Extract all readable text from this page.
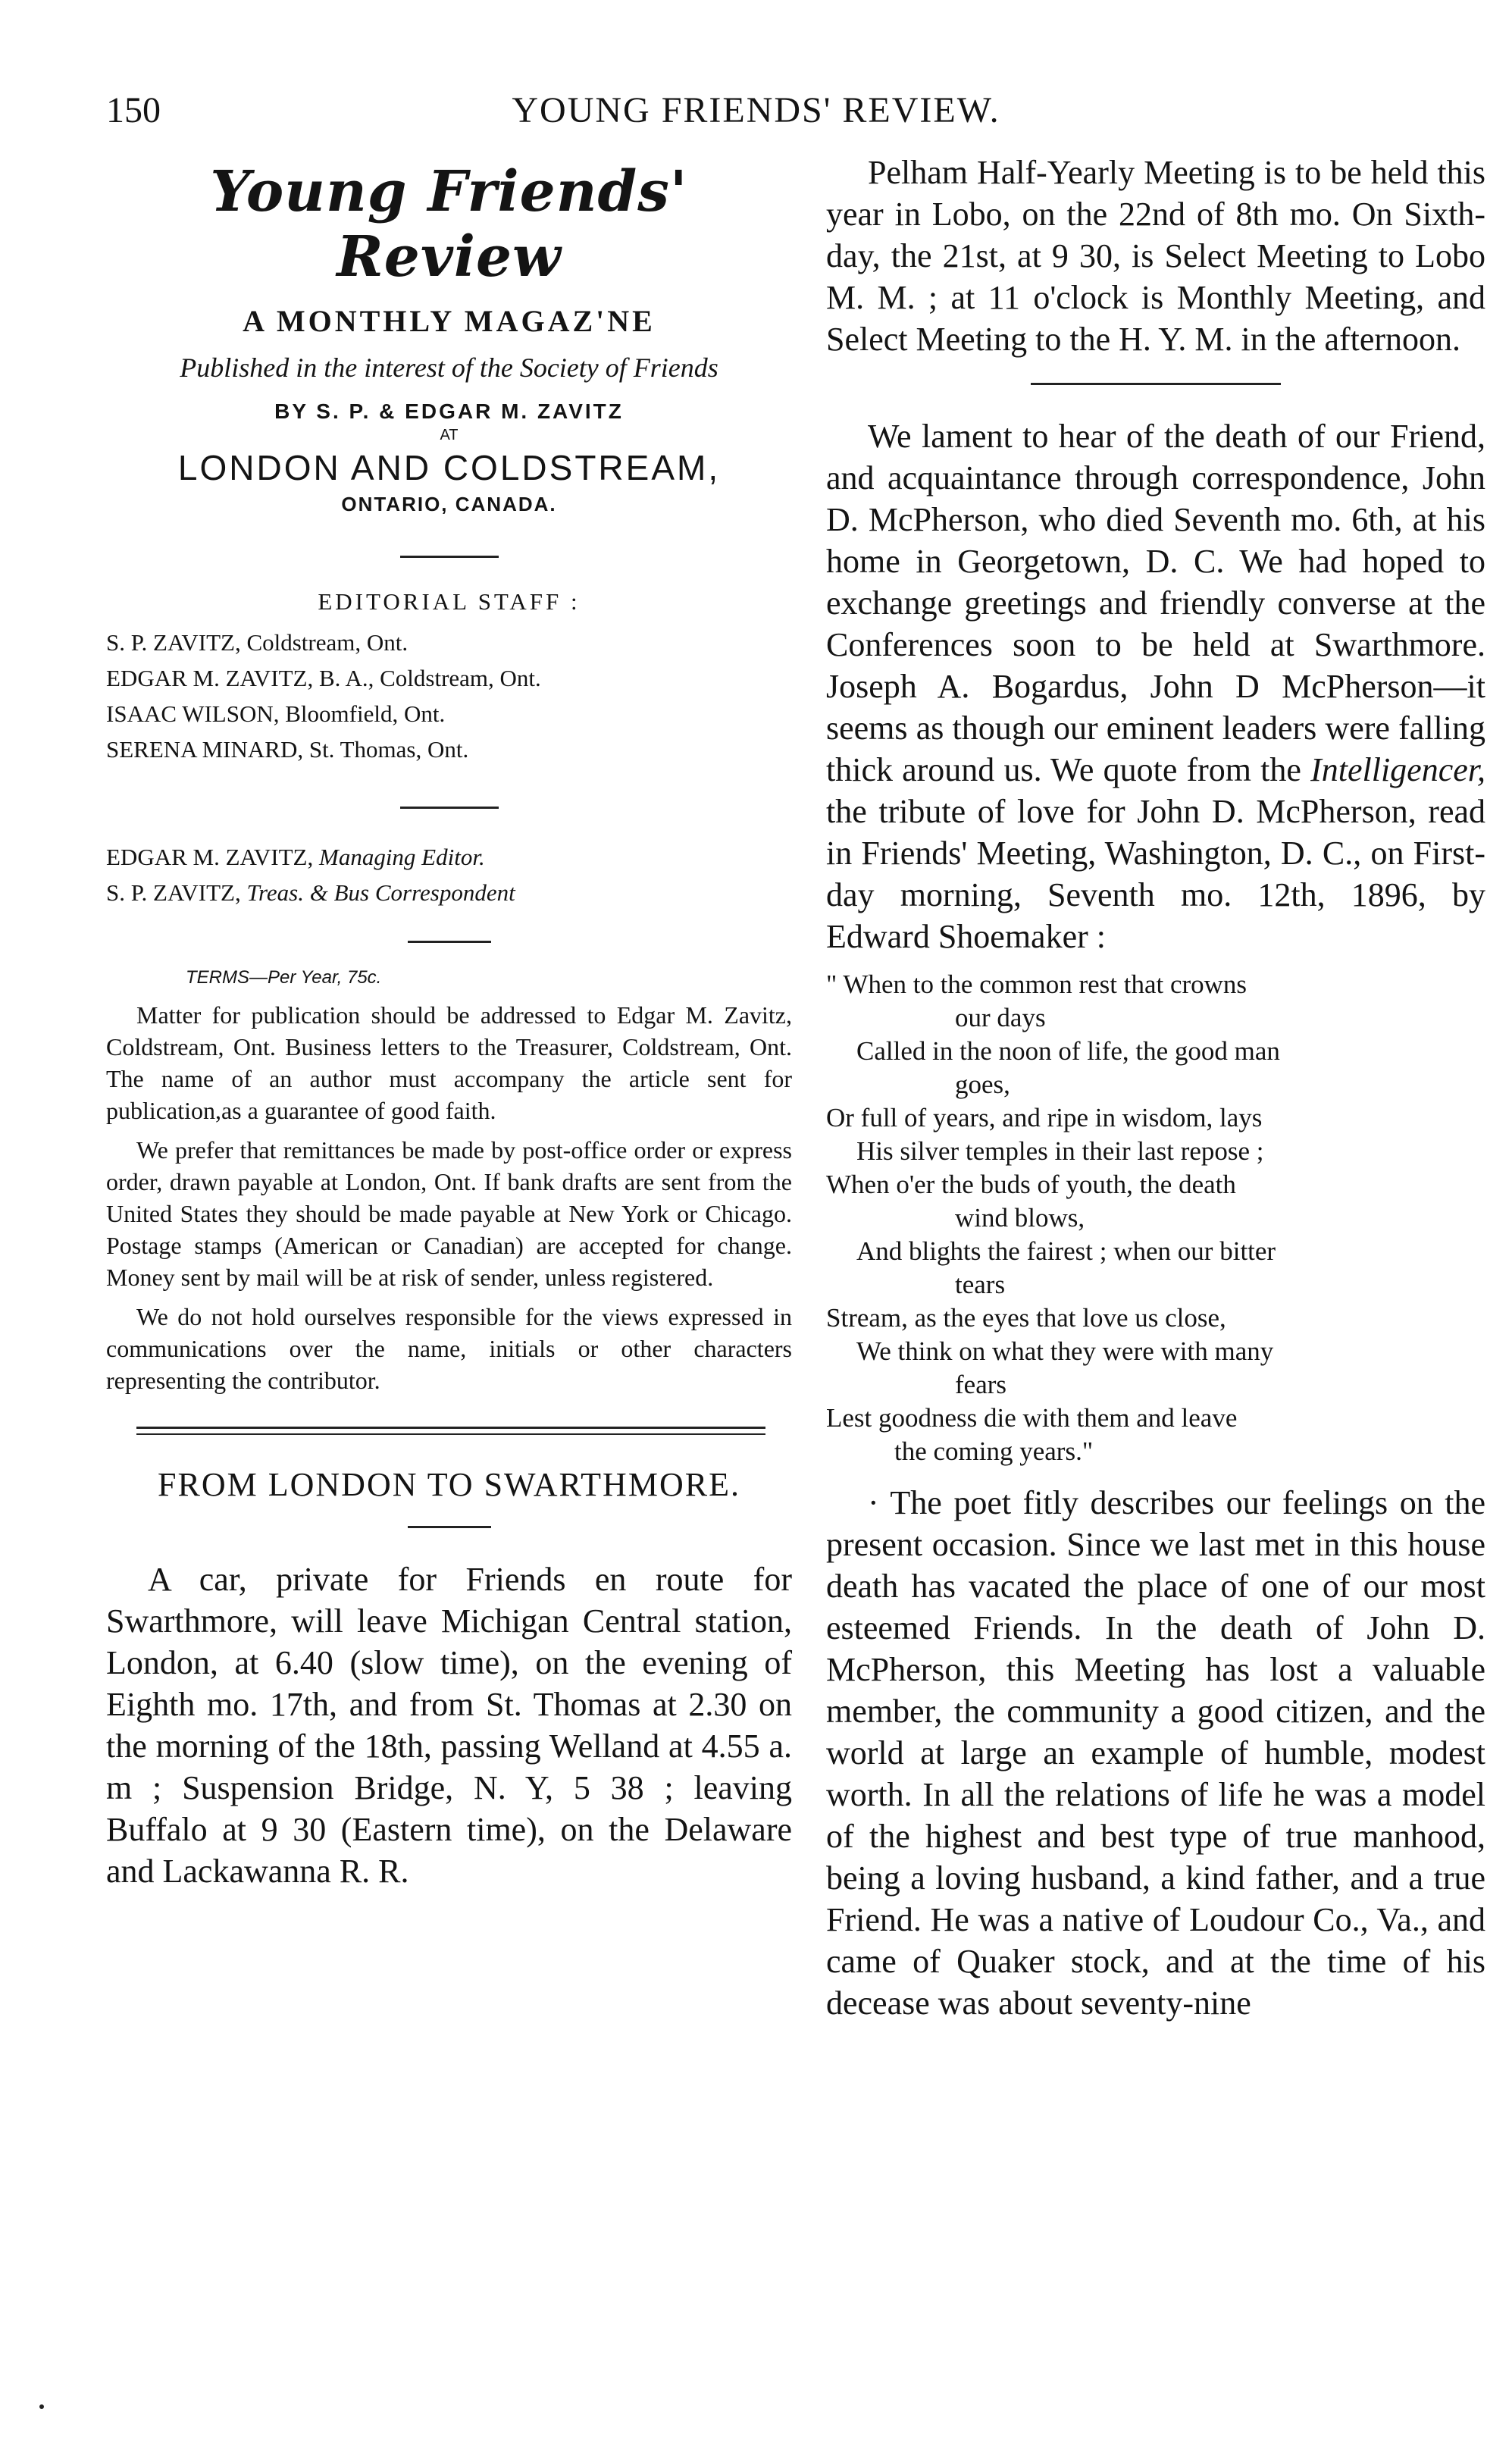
150	YOUNG FRIENDS' REVIEW.
Young Friends' Review
A MONTHLY MAGAZ'NE
Published in the interest of the Society of Friends
BY S. P. & EDGAR M. ZAVITZ
AT
LONDON AND COLDSTREAM,
ONTARIO, CANADA.
EDITORIAL STAFF :

S. P. ZAVITZ, Coldstream, Ont.

EDGAR M. ZAVITZ, B. A., Coldstream, Ont.

ISAAC WILSON, Bloomfield, Ont.

SERENA MINARD, St. Thomas, Ont.

EDGAR M. ZAVITZ, Managing Editor.

S. P. ZAVITZ, Treas. & Bus Correspondent

TERMS—Per Year, 75c.

Matter for publication should be addressed to Edgar M. Zavitz, Coldstream, Ont. Business letters to the Treasurer, Coldstream, Ont. The name of an author must accompany the article sent for publication,as a guarantee of good faith.

We prefer that remittances be made by post-office order or express order, drawn payable at London, Ont. If bank drafts are sent from the United States they should be made payable at New York or Chicago. Postage stamps (American or Canadian) are accepted for change. Money sent by mail will be at risk of sender, unless registered.

We do not hold ourselves responsible for the views expressed in communications over the name, initials or other characters representing the contributor.

FROM LONDON TO SWARTHMORE.

A car, private for Friends en route for Swarthmore, will leave Michigan Central station, London, at 6.40 (slow time), on the evening of Eighth mo. 17th, and from St. Thomas at 2.30 on the morning of the 18th, passing Welland at 4.55 a. m ; Suspension Bridge, N. Y, 5 38 ; leaving Buffalo at 9 30 (Eastern time), on the Delaware and Lackawanna R. R.

Pelham Half-Yearly Meeting is to be held this year in Lobo, on the 22nd of 8th mo. On Sixth-day, the 21st, at 9 30, is Select Meeting to Lobo M. M. ; at 11 o'clock is Monthly Meeting, and Select Meeting to the H. Y. M. in the afternoon.

We lament to hear of the death of our Friend, and acquaintance through correspondence, John D. McPherson, who died Seventh mo. 6th, at his home in Georgetown, D. C. We had hoped to exchange greetings and friendly converse at the Conferences soon to be held at Swarthmore. Joseph A. Bogardus, John D McPherson—it seems as though our eminent leaders were falling thick around us. We quote from the Intelligencer, the tribute of love for John D. McPherson, read in Friends' Meeting, Washington, D. C., on First-day morning, Seventh mo. 12th, 1896, by Edward Shoemaker :

" When to the common rest that crowns
our days
Called in the noon of life, the good man
goes,
Or full of years, and ripe in wisdom, lays
His silver temples in their last repose ;
When o'er the buds of youth, the death
wind blows,
And blights the fairest ; when our bitter
tears
Stream, as the eyes that love us close,
We think on what they were with many
fears
Lest goodness die with them and leave
the coming years."

· The poet fitly describes our feelings on the present occasion. Since we last met in this house death has vacated the place of one of our most esteemed Friends. In the death of John D. McPherson, this Meeting has lost a valuable member, the community a good citizen, and the world at large an example of humble, modest worth. In all the relations of life he was a model of the highest and best type of true manhood, being a loving husband, a kind father, and a true Friend. He was a native of Loudour Co., Va., and came of Quaker stock, and at the time of his decease was about seventy-nine
